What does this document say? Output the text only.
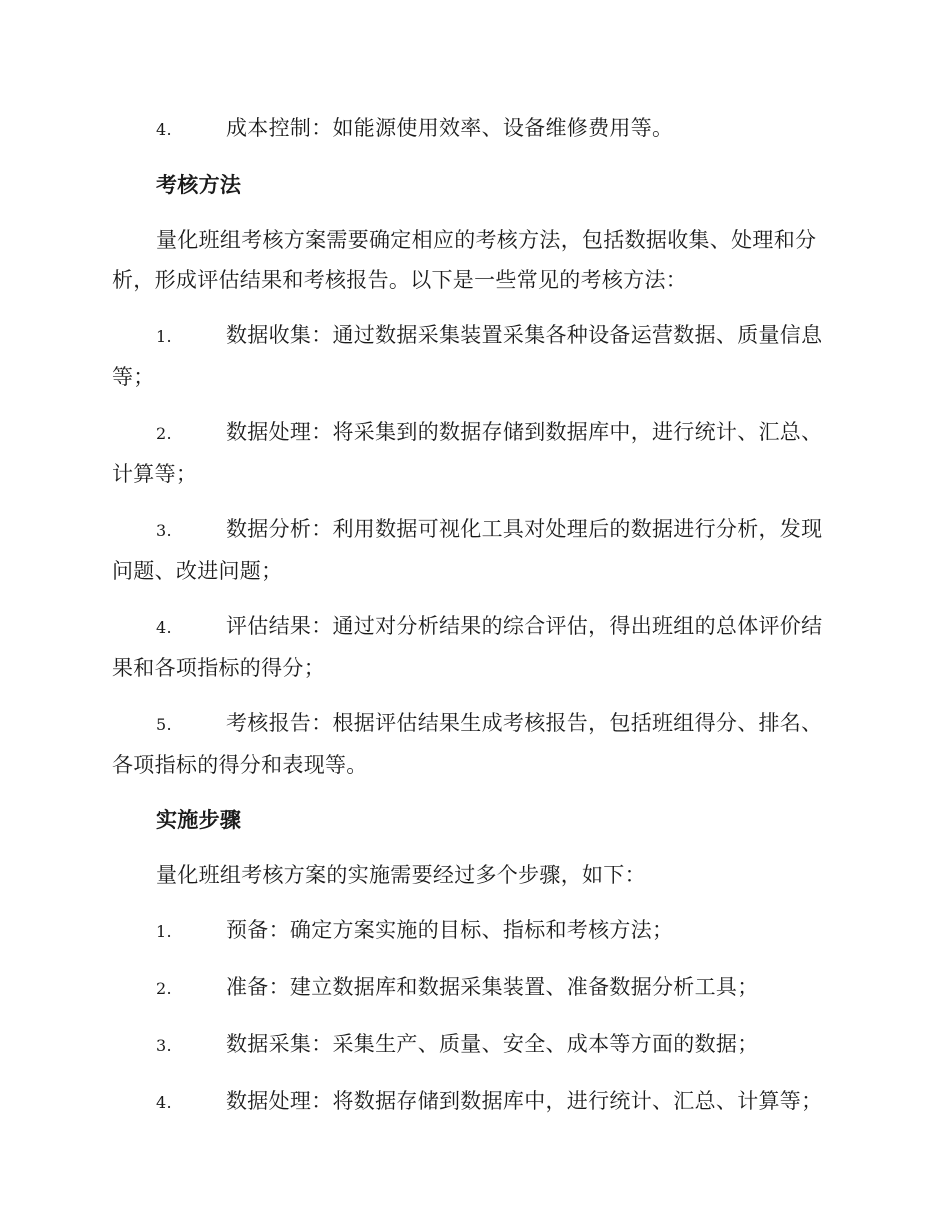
4.	成本控制：如能源使用效率、设备维修费用等。

考核方法

量化班组考核方案需要确定相应的考核方法，包括数据收集、处理和分析，形成评估结果和考核报告。以下是一些常见的考核方法：

1.	数据收集：通过数据采集装置采集各种设备运营数据、质量信息等；

2.	数据处理：将采集到的数据存储到数据库中，进行统计、汇总、计算等；

3.	数据分析：利用数据可视化工具对处理后的数据进行分析，发现问题、改进问题；

4.	评估结果：通过对分析结果的综合评估，得出班组的总体评价结果和各项指标的得分；

5.	考核报告：根据评估结果生成考核报告，包括班组得分、排名、各项指标的得分和表现等。

实施步骤

量化班组考核方案的实施需要经过多个步骤，如下：

1.	预备：确定方案实施的目标、指标和考核方法；

2.	准备：建立数据库和数据采集装置、准备数据分析工具；

3.	数据采集：采集生产、质量、安全、成本等方面的数据；

4.	数据处理：将数据存储到数据库中，进行统计、汇总、计算等；
